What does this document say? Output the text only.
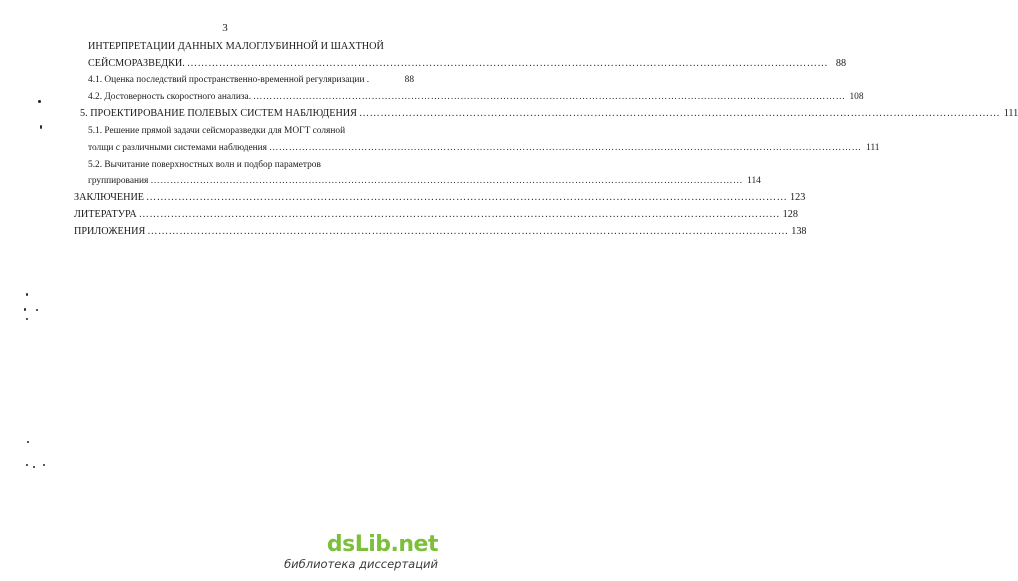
3
ИНТЕРПРЕТАЦИИ ДАННЫХ МАЛОГЛУБИННОЙ И ШАХТНОЙ
СЕЙСМОРАЗВЕДКИ. ……………………………………………………………………………………………………………………………………………………………… 88
4.1. Оценка последствий пространственно-временной регуляризации .	88
4.2. Достоверность скоростного анализа. ……………………………………………………………………………………………………………………………………………………………… 108
5. ПРОЕКТИРОВАНИЕ ПОЛЕВЫХ СИСТЕМ НАБЛЮДЕНИЯ ……………………………………………………………………………………………………………………………………………………………… 111
5.1. Решение прямой задачи сейсморазведки для МОГТ соляной
толщи с различными системами наблюдения ……………………………………………………………………………………………………………………………………………………………… 111
5.2. Вычитание поверхностных волн и подбор параметров
группирования ……………………………………………………………………………………………………………………………………………………………… 114
ЗАКЛЮЧЕНИЕ ……………………………………………………………………………………………………………………………………………………………… 123
ЛИТЕРАТУРА ……………………………………………………………………………………………………………………………………………………………… 128
ПРИЛОЖЕНИЯ ……………………………………………………………………………………………………………………………………………………………… 138
dsLib.net
библиотека диссертаций
